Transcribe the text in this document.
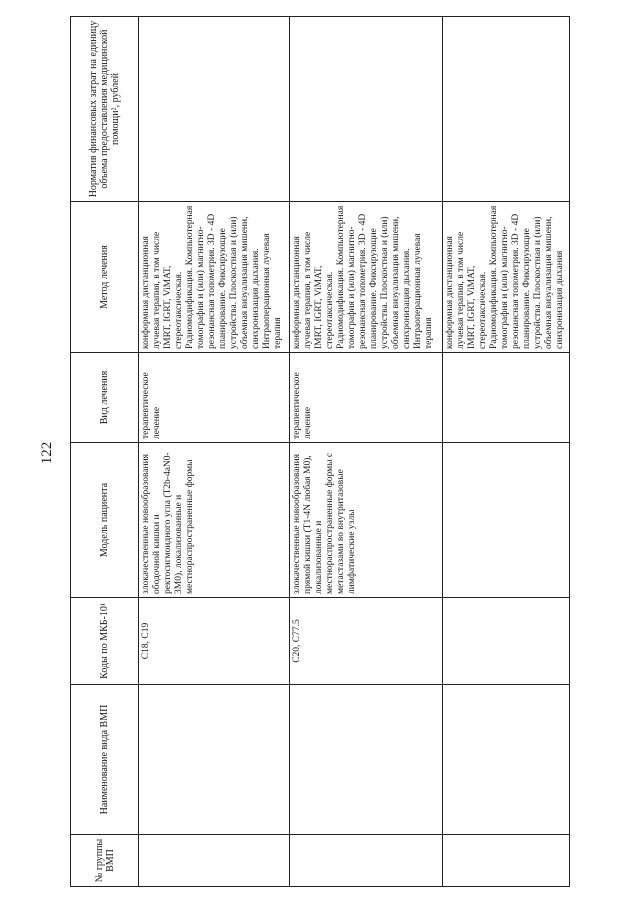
122
№ группы ВМП	Наименование вида ВМП	Коды по МКБ-10¹	Модель пациента	Вид лечения	Метод лечения	Норматив финансовых затрат на единицу объема предоставления медицинской помощи², рублей
		C18, C19	злокачественные новообразования ободочной кишки и ректосигмоидного угла (T2b-4aN0-3M0), локализованные и местнораспространенные формы	терапевтическое лечение	конформная дистанционная лучевая терапия, в том числе IMRT, IGRT, ViMAT, стереотаксическая. Радиомодификация. Компьютерная томография и (или) магнитно-резонансная топометрия. 3D - 4D планирование. Фиксирующие устройства. Плоскостная и (или) объемная визуализация мишени, синхронизация дыхания. Интраоперационная лучевая терапия	
		C20, C77.5	злокачественные новообразования прямой кишки (T1-4N любая M0), локализованные и местнораспространенные формы с метастазами во внутритазовые лимфатические узлы	терапевтическое лечение	конформная дистанционная лучевая терапия, в том числе IMRT, IGRT, ViMAT, стереотаксическая. Радиомодификация. Компьютерная томография и (или) магнитно-резонансная топометрия. 3D - 4D планирование. Фиксирующие устройства. Плоскостная и (или) объемная визуализация мишени, синхронизация дыхания. Интраоперационная лучевая терапия	
					конформная дистанционная лучевая терапия, в том числе IMRT, IGRT, ViMAT, стереотаксическая. Радиомодификация. Компьютерная томография и (или) магнитно-резонансная топометрия. 3D - 4D планирование. Фиксирующие устройства. Плоскостная и (или) объемная визуализация мишени, синхронизация дыхания	
